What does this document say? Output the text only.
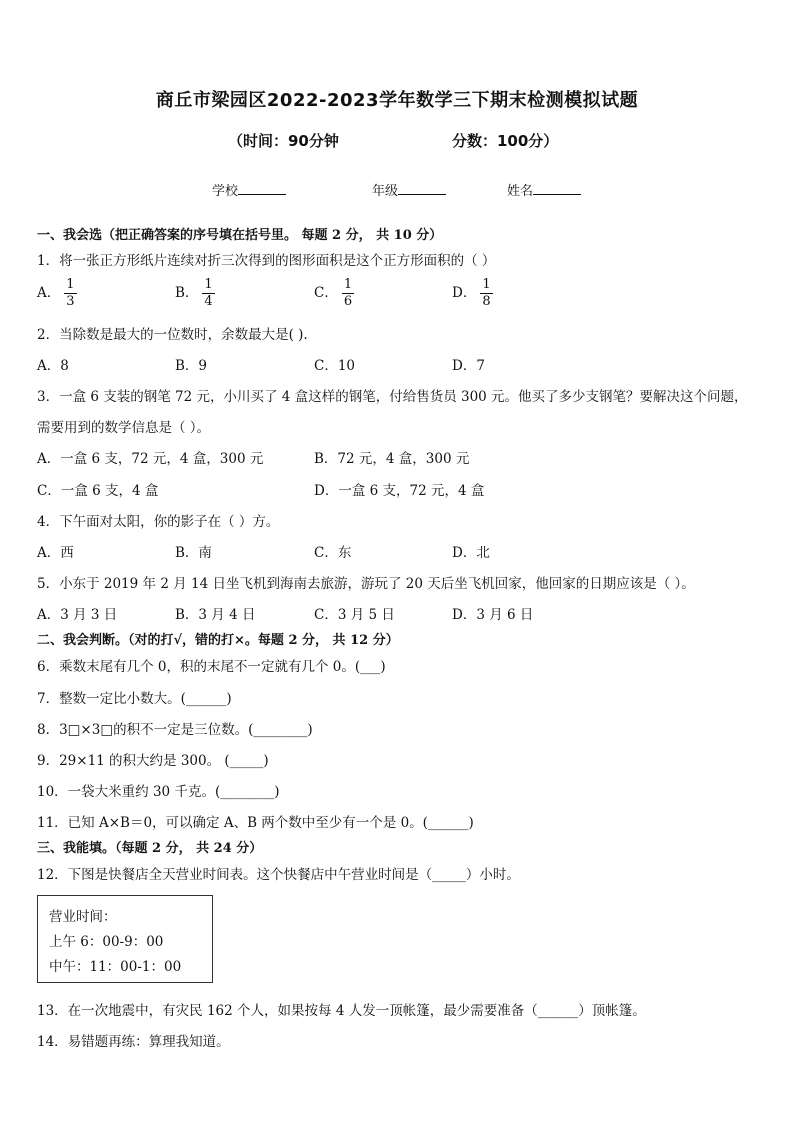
商丘市梁园区2022-2023学年数学三下期末检测模拟试题
（时间：90分钟	分数：100分）
学校	年级	姓名
一、我会选（把正确答案的序号填在括号里。 每题 2 分， 共 10 分）
1．将一张正方形纸片连续对折三次得到的图形面积是这个正方形面积的（ ）
A． $\frac{1}{3}$	B． $\frac{1}{4}$	C． $\frac{1}{6}$	D． $\frac{1}{8}$
2．当除数是最大的一位数时，余数最大是( ).
A．8	B．9	C．10	D．7
3．一盒 6 支装的钢笔 72 元，小川买了 4 盒这样的钢笔，付给售货员 300 元。他买了多少支钢笔？要解决这个问题，
需要用到的数学信息是（ ）。
A．一盒 6 支，72 元，4 盒，300 元	B．72 元，4 盒，300 元
C．一盒 6 支，4 盒	D．一盒 6 支，72 元，4 盒
4．下午面对太阳，你的影子在（ ）方。
A．西	B．南	C．东	D．北
5．小东于 2019 年 2 月 14 日坐飞机到海南去旅游，游玩了 20 天后坐飞机回家，他回家的日期应该是（ ）。
A．3 月 3 日	B．3 月 4 日	C．3 月 5 日	D．3 月 6 日
二、我会判断。（对的打√，错的打×。每题 2 分， 共 12 分）
6．乘数末尾有几个 0，积的末尾不一定就有几个 0。(___)
7．整数一定比小数大。(______)
8．3□×3□的积不一定是三位数。(________)
9．29×11 的积大约是 300。 (_____)
10．一袋大米重约 30 千克。(________)
11．已知 A×B＝0，可以确定 A、B 两个数中至少有一个是 0。(______)
三、我能填。（每题 2 分， 共 24 分）
12．下图是快餐店全天营业时间表。这个快餐店中午营业时间是（_____）小时。
营业时间：
上午 6：00-9：00
中午：11：00-1：00
13．在一次地震中，有灾民 162 个人，如果按每 4 人发一顶帐篷，最少需要准备（______）顶帐篷。
14．易错题再练：算理我知道。
